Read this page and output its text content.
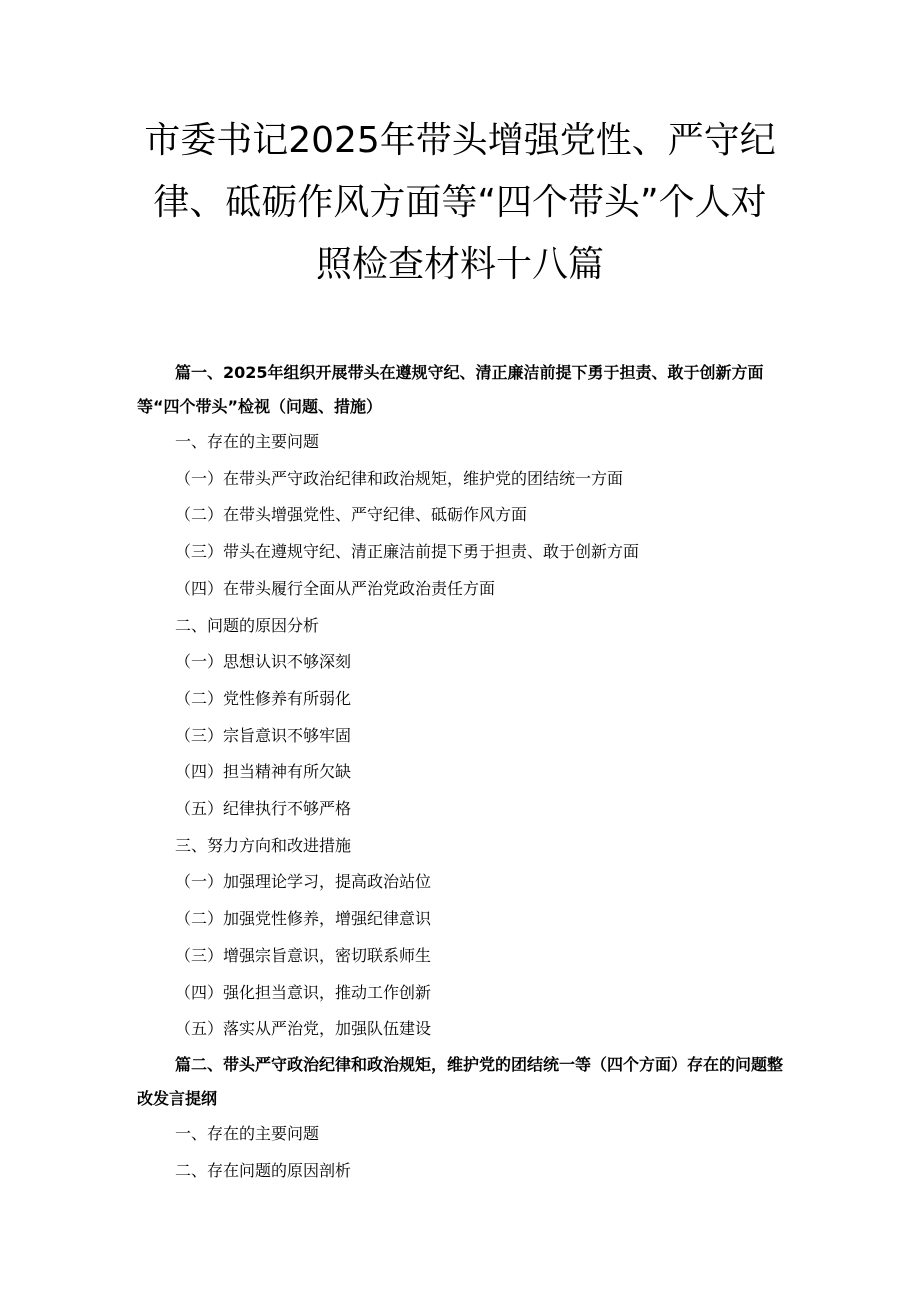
市委书记2025年带头增强党性、严守纪
律、砥砺作风方面等“四个带头”个人对
照检查材料十八篇

篇一、2025年组织开展带头在遵规守纪、清正廉洁前提下勇于担责、敢于创新方面等“四个带头”检视（问题、措施）

一、存在的主要问题

（一）在带头严守政治纪律和政治规矩，维护党的团结统一方面

（二）在带头增强党性、严守纪律、砥砺作风方面

（三）带头在遵规守纪、清正廉洁前提下勇于担责、敢于创新方面

（四）在带头履行全面从严治党政治责任方面

二、问题的原因分析

（一）思想认识不够深刻

（二）党性修养有所弱化

（三）宗旨意识不够牢固

（四）担当精神有所欠缺

（五）纪律执行不够严格

三、努力方向和改进措施

（一）加强理论学习，提高政治站位

（二）加强党性修养，增强纪律意识

（三）增强宗旨意识，密切联系师生

（四）强化担当意识，推动工作创新

（五）落实从严治党，加强队伍建设

篇二、带头严守政治纪律和政治规矩，维护党的团结统一等（四个方面）存在的问题整改发言提纲

一、存在的主要问题

二、存在问题的原因剖析
